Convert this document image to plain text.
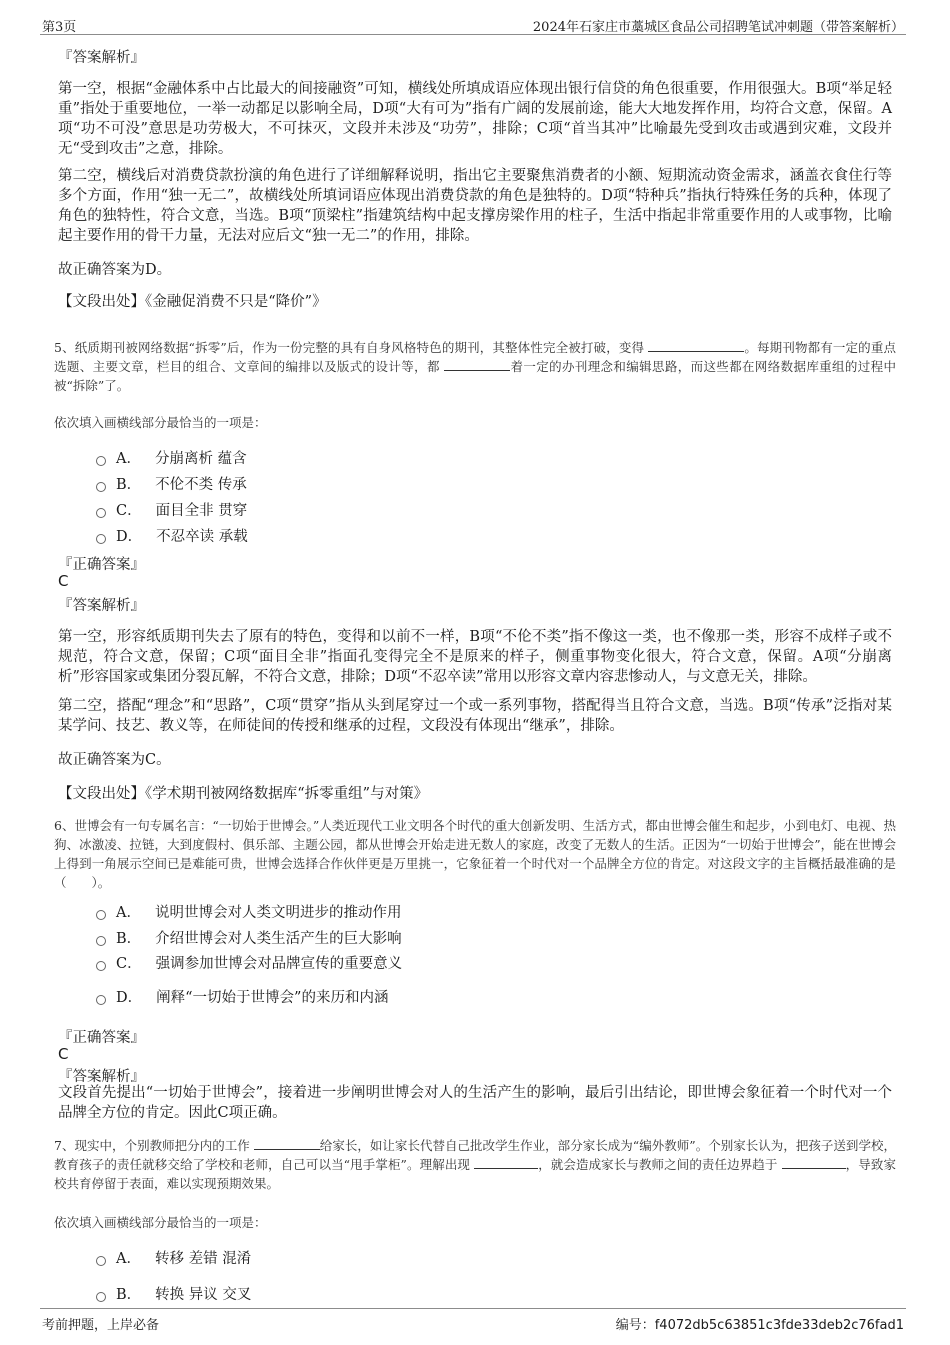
第3页	2024年石家庄市藁城区食品公司招聘笔试冲刺题（带答案解析）
『答案解析』
第一空，根据“金融体系中占比最大的间接融资”可知，横线处所填成语应体现出银行信贷的角色很重要，作用很强大。B项“举足轻重”指处于重要地位，一举一动都足以影响全局，D项“大有可为”指有广阔的发展前途，能大大地发挥作用，均符合文意，保留。A项“功不可没”意思是功劳极大，不可抹灭，文段并未涉及“功劳”，排除；C项“首当其冲”比喻最先受到攻击或遇到灾难，文段并无“受到攻击”之意，排除。
第二空，横线后对消费贷款扮演的角色进行了详细解释说明，指出它主要聚焦消费者的小额、短期流动资金需求，涵盖衣食住行等多个方面，作用“独一无二”，故横线处所填词语应体现出消费贷款的角色是独特的。D项“特种兵”指执行特殊任务的兵种，体现了角色的独特性，符合文意，当选。B项“顶梁柱”指建筑结构中起支撑房梁作用的柱子，生活中指起非常重要作用的人或事物，比喻起主要作用的骨干力量，无法对应后文“独一无二”的作用，排除。
故正确答案为D。
【文段出处】《金融促消费不只是“降价”》
5、纸质期刊被网络数据“拆零”后，作为一份完整的具有自身风格特色的期刊，其整体性完全被打破，变得	。每期刊物都有一定的重点选题、主要文章，栏目的组合、文章间的编排以及版式的设计等，都	着一定的办刊理念和编辑思路，而这些都在网络数据库重组的过程中被“拆除”了。
依次填入画横线部分最恰当的一项是：
A． 分崩离析 蕴含
B． 不伦不类 传承
C． 面目全非 贯穿
D． 不忍卒读 承载
『正确答案』
C
『答案解析』
第一空，形容纸质期刊失去了原有的特色，变得和以前不一样，B项“不伦不类”指不像这一类，也不像那一类，形容不成样子或不规范，符合文意，保留；C项“面目全非”指面孔变得完全不是原来的样子，侧重事物变化很大，符合文意，保留。A项“分崩离析”形容国家或集团分裂瓦解，不符合文意，排除；D项“不忍卒读”常用以形容文章内容悲惨动人，与文意无关，排除。
第二空，搭配“理念”和“思路”，C项“贯穿”指从头到尾穿过一个或一系列事物，搭配得当且符合文意，当选。B项“传承”泛指对某某学问、技艺、教义等，在师徒间的传授和继承的过程，文段没有体现出“继承”，排除。
故正确答案为C。
【文段出处】《学术期刊被网络数据库“拆零重组”与对策》
6、世博会有一句专属名言：“一切始于世博会。”人类近现代工业文明各个时代的重大创新发明、生活方式，都由世博会催生和起步，小到电灯、电视、热狗、冰激凌、拉链，大到度假村、俱乐部、主题公园，都从世博会开始走进无数人的家庭，改变了无数人的生活。正因为“一切始于世博会”，能在世博会上得到一角展示空间已是难能可贵，世博会选择合作伙伴更是万里挑一，它象征着一个时代对一个品牌全方位的肯定。对这段文字的主旨概括最准确的是（　　）。
A． 说明世博会对人类文明进步的推动作用
B． 介绍世博会对人类生活产生的巨大影响
C． 强调参加世博会对品牌宣传的重要意义
D． 阐释“一切始于世博会”的来历和内涵
『正确答案』
C
『答案解析』
文段首先提出“一切始于世博会”，接着进一步阐明世博会对人的生活产生的影响，最后引出结论，即世博会象征着一个时代对一个品牌全方位的肯定。因此C项正确。
7、现实中，个别教师把分内的工作	给家长，如让家长代替自己批改学生作业，部分家长成为“编外教师”。个别家长认为，把孩子送到学校，教育孩子的责任就移交给了学校和老师，自己可以当“甩手掌柜”。理解出现	，就会造成家长与教师之间的责任边界趋于	，导致家校共育停留于表面，难以实现预期效果。
依次填入画横线部分最恰当的一项是：
A． 转移 差错 混淆
B． 转换 异议 交叉
考前押题，上岸必备	编号：f4072db5c63851c3fde33deb2c76fad1
